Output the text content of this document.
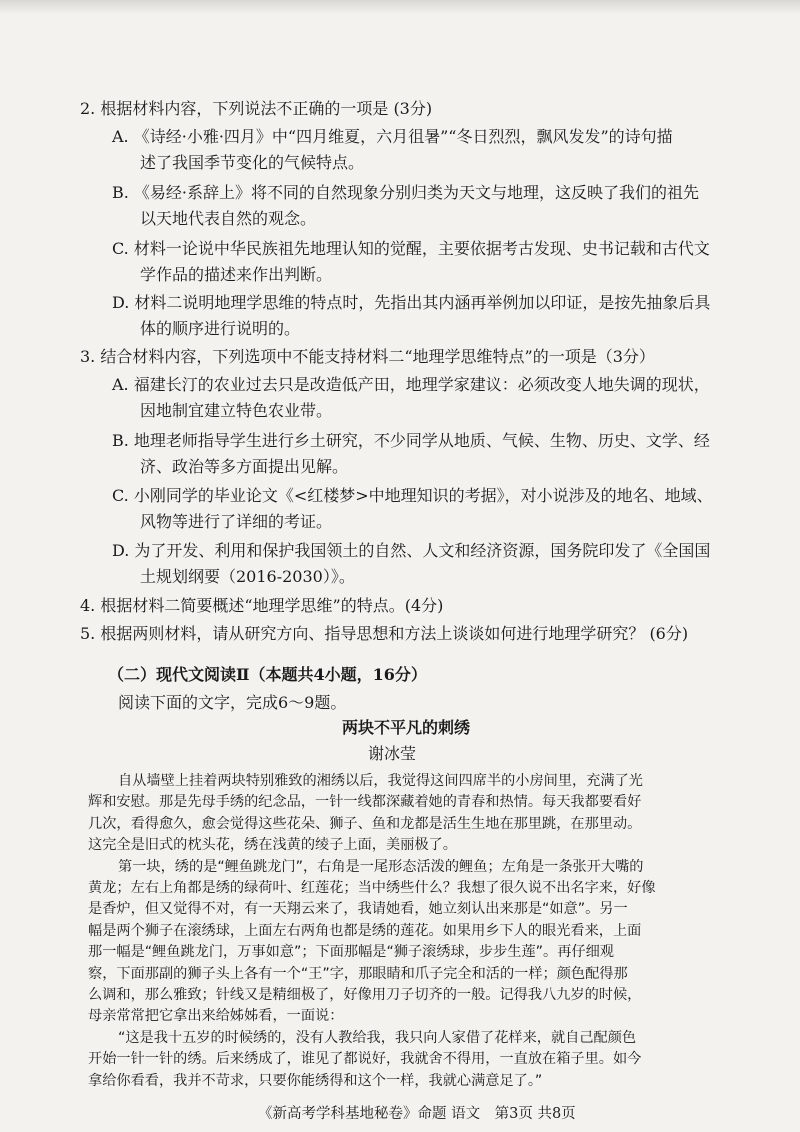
2. 根据材料内容，下列说法不正确的一项是 (3分)
A. 《诗经·小雅·四月》中“四月维夏，六月徂暑”“冬日烈烈，飘风发发”的诗句描
述了我国季节变化的气候特点。
B. 《易经·系辞上》将不同的自然现象分别归类为天文与地理，这反映了我们的祖先
以天地代表自然的观念。
C. 材料一论说中华民族祖先地理认知的觉醒，主要依据考古发现、史书记载和古代文
学作品的描述来作出判断。
D. 材料二说明地理学思维的特点时，先指出其内涵再举例加以印证，是按先抽象后具
体的顺序进行说明的。
3. 结合材料内容，下列选项中不能支持材料二“地理学思维特点”的一项是（3分）
A. 福建长汀的农业过去只是改造低产田，地理学家建议：必须改变人地失调的现状，
因地制宜建立特色农业带。
B. 地理老师指导学生进行乡土研究，不少同学从地质、气候、生物、历史、文学、经
济、政治等多方面提出见解。
C. 小刚同学的毕业论文《<红楼梦>中地理知识的考据》，对小说涉及的地名、地域、
风物等进行了详细的考证。
D. 为了开发、利用和保护我国领土的自然、人文和经济资源，国务院印发了《全国国
土规划纲要（2016-2030）》。
4. 根据材料二简要概述“地理学思维”的特点。(4分)
5. 根据两则材料，请从研究方向、指导思想和方法上谈谈如何进行地理学研究？ (6分)
（二）现代文阅读Ⅱ（本题共4小题，16分）
阅读下面的文字，完成6～9题。
两块不平凡的刺绣
谢冰莹
《新高考学科基地秘卷》命题 语文　第3页 共8页
自从墙壁上挂着两块特别雅致的湘绣以后，我觉得这间四席半的小房间里，充满了光
辉和安慰。那是先母手绣的纪念品，一针一线都深藏着她的青春和热情。每天我都要看好
几次，看得愈久，愈会觉得这些花朵、狮子、鱼和龙都是活生生地在那里跳，在那里动。
这完全是旧式的枕头花，绣在浅黄的绫子上面，美丽极了。
第一块，绣的是“鲤鱼跳龙门”，右角是一尾形态活泼的鲤鱼；左角是一条张开大嘴的
黄龙；左右上角都是绣的绿荷叶、红莲花；当中绣些什么？我想了很久说不出名字来，好像
是香炉，但又觉得不对，有一天翔云来了，我请她看，她立刻认出来那是“如意”。另一
幅是两个狮子在滚绣球，上面左右两角也都是绣的莲花。如果用乡下人的眼光看来，上面
那一幅是“鲤鱼跳龙门，万事如意”；下面那幅是“狮子滚绣球，步步生莲”。再仔细观
察，下面那副的狮子头上各有一个“王”字，那眼睛和爪子完全和活的一样；颜色配得那
么调和，那么雅致；针线又是精细极了，好像用刀子切齐的一般。记得我八九岁的时候，
母亲常常把它拿出来给姊姊看，一面说：
“这是我十五岁的时候绣的，没有人教给我，我只向人家借了花样来，就自己配颜色
开始一针一针的绣。后来绣成了，谁见了都说好，我就舍不得用，一直放在箱子里。如今
拿给你看看，我并不苛求，只要你能绣得和这个一样，我就心满意足了。”
